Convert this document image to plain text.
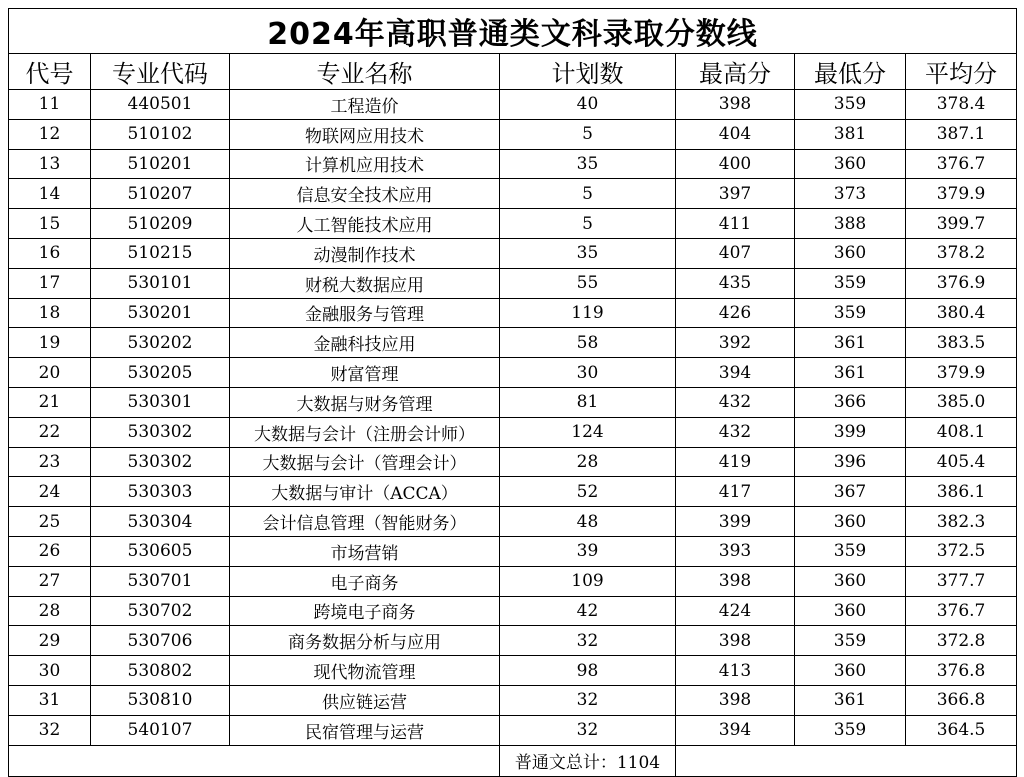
2024年高职普通类文科录取分数线						
代号	专业代码	专业名称	计划数	最高分	最低分	平均分
11	440501	工程造价	40	398	359	378.4
12	510102	物联网应用技术	5	404	381	387.1
13	510201	计算机应用技术	35	400	360	376.7
14	510207	信息安全技术应用	5	397	373	379.9
15	510209	人工智能技术应用	5	411	388	399.7
16	510215	动漫制作技术	35	407	360	378.2
17	530101	财税大数据应用	55	435	359	376.9
18	530201	金融服务与管理	119	426	359	380.4
19	530202	金融科技应用	58	392	361	383.5
20	530205	财富管理	30	394	361	379.9
21	530301	大数据与财务管理	81	432	366	385.0
22	530302	大数据与会计（注册会计师）	124	432	399	408.1
23	530302	大数据与会计（管理会计）	28	419	396	405.4
24	530303	大数据与审计（ACCA）	52	417	367	386.1
25	530304	会计信息管理（智能财务）	48	399	360	382.3
26	530605	市场营销	39	393	359	372.5
27	530701	电子商务	109	398	360	377.7
28	530702	跨境电子商务	42	424	360	376.7
29	530706	商务数据分析与应用	32	398	359	372.8
30	530802	现代物流管理	98	413	360	376.8
31	530810	供应链运营	32	398	361	366.8
32	540107	民宿管理与运营	32	394	359	364.5
			普通文总计：1104			
